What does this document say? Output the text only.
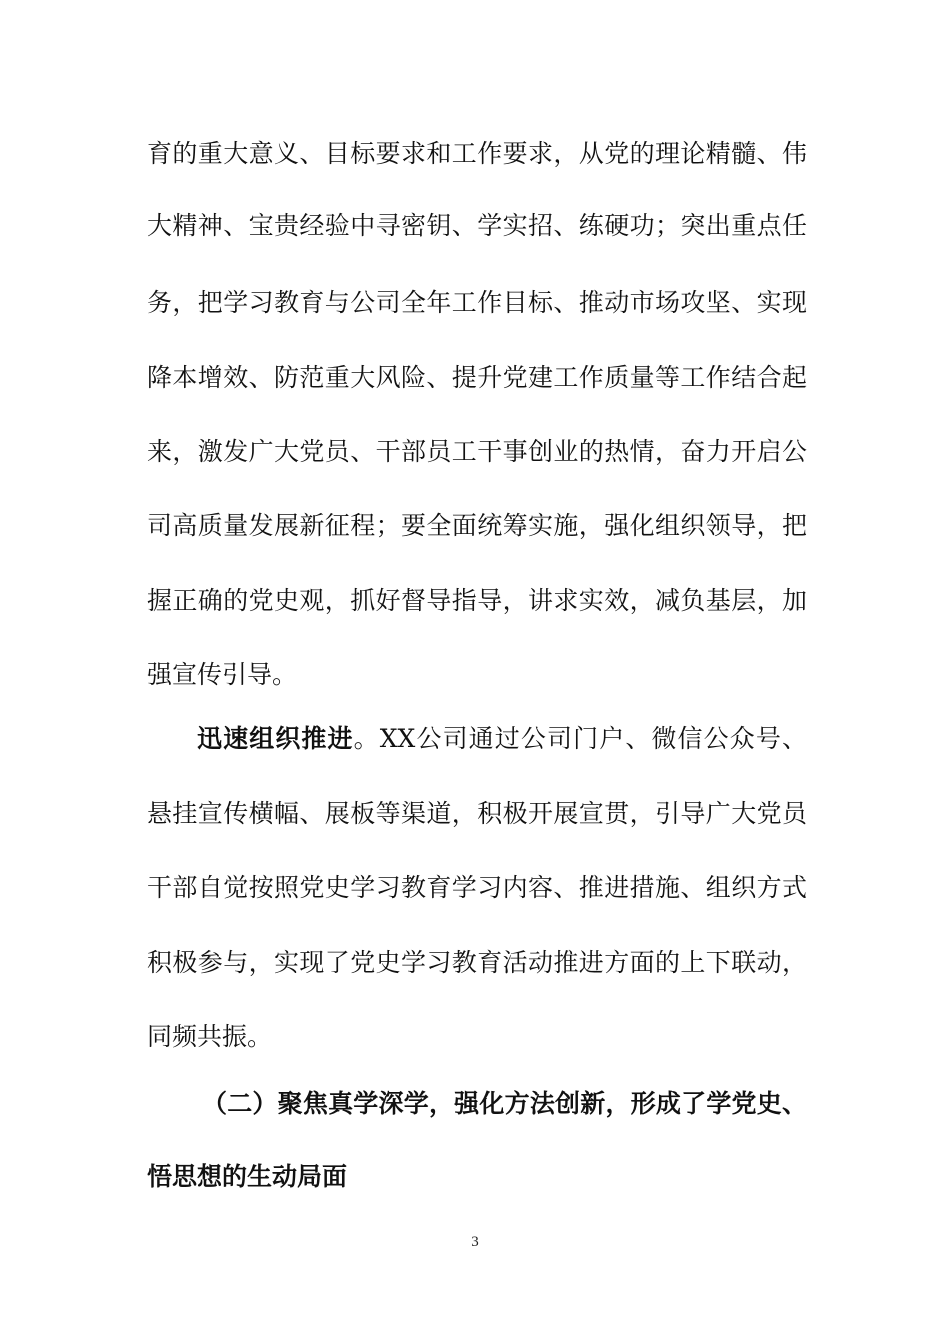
育的重大意义、目标要求和工作要求，从党的理论精髓、伟
大精神、宝贵经验中寻密钥、学实招、练硬功；突出重点任
务，把学习教育与公司全年工作目标、推动市场攻坚、实现
降本增效、防范重大风险、提升党建工作质量等工作结合起
来，激发广大党员、干部员工干事创业的热情，奋力开启公
司高质量发展新征程；要全面统筹实施，强化组织领导，把
握正确的党史观，抓好督导指导，讲求实效，减负基层，加
强宣传引导。
迅速组织推进。XX公司通过公司门户、微信公众号、
悬挂宣传横幅、展板等渠道，积极开展宣贯，引导广大党员
干部自觉按照党史学习教育学习内容、推进措施、组织方式
积极参与，实现了党史学习教育活动推进方面的上下联动，
同频共振。
（二）聚焦真学深学，强化方法创新，形成了学党史、
悟思想的生动局面
3
